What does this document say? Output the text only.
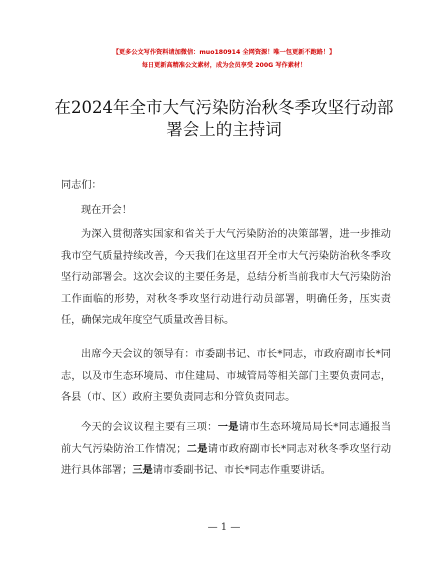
【更多公文写作资料请加微信：muo180914 全网资源！唯一包更新不跑路！】
每日更新高精准公文素材，成为会员享受 200G 写作素材！
在2024年全市大气污染防治秋冬季攻坚行动部
署会上的主持词
同志们：
现在开会！

为深入贯彻落实国家和省关于大气污染防治的决策部署，进一步推动我市空气质量持续改善，今天我们在这里召开全市大气污染防治秋冬季攻坚行动部署会。这次会议的主要任务是，总结分析当前我市大气污染防治工作面临的形势，对秋冬季攻坚行动进行动员部署，明确任务，压实责任，确保完成年度空气质量改善目标。

出席今天会议的领导有：市委副书记、市长*同志，市政府副市长*同志，以及市生态环境局、市住建局、市城管局等相关部门主要负责同志，各县（市、区）政府主要负责同志和分管负责同志。

今天的会议议程主要有三项：一是请市生态环境局局长*同志通报当前大气污染防治工作情况；二是请市政府副市长*同志对秋冬季攻坚行动进行具体部署；三是请市委副书记、市长*同志作重要讲话。

— 1 —
